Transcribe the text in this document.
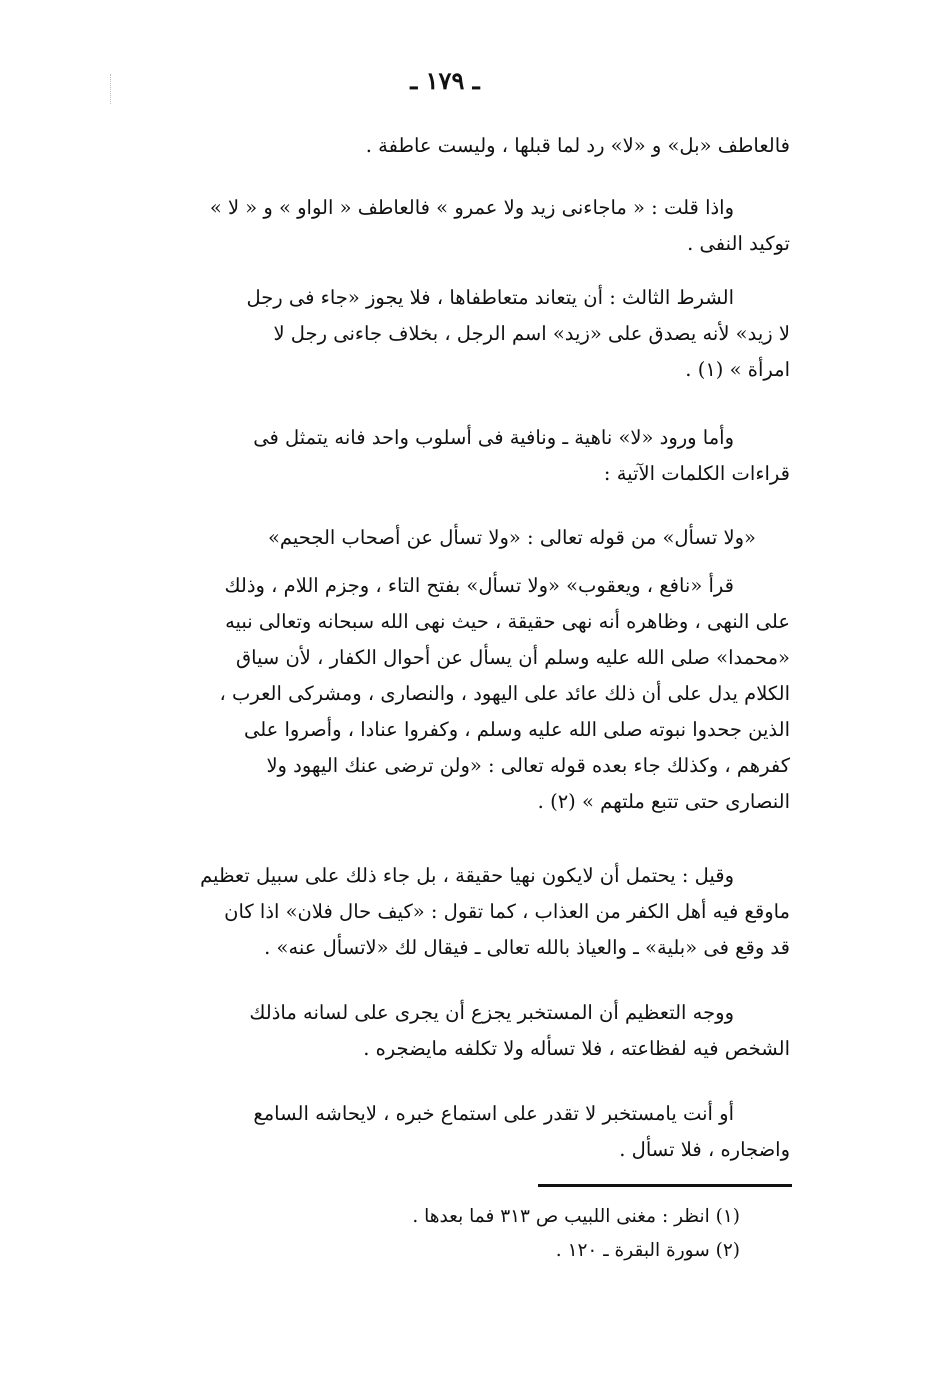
ـ ١٧٩ ـ
فالعاطف «بل» و «لا» رد لما قبلها ، وليست عاطفة .
واذا قلت : « ماجاءنى زيد ولا عمرو » فالعاطف « الواو » و « لا »
توكيد النفى .
الشرط الثالث : أن يتعاند متعاطفاها ، فلا يجوز «جاء فى رجل
لا زيد» لأنه يصدق على «زيد» اسم الرجل ، بخلاف جاءنى رجل لا
امرأة » (١) .
وأما ورود «لا» ناهية ـ ونافية فى أسلوب واحد فانه يتمثل فى
قراءات الكلمات الآتية :
«ولا تسأل» من قوله تعالى : «ولا تسأل عن أصحاب الجحيم»
قرأ «نافع ، ويعقوب» «ولا تسأل» بفتح التاء ، وجزم اللام ، وذلك
على النهى ، وظاهره أنه نهى حقيقة ، حيث نهى الله سبحانه وتعالى نبيه
«محمدا» صلى الله عليه وسلم أن يسأل عن أحوال الكفار ، لأن سياق
الكلام يدل على أن ذلك عائد على اليهود ، والنصارى ، ومشركى العرب ،
الذين جحدوا نبوته صلى الله عليه وسلم ، وكفروا عنادا ، وأصروا على
كفرهم ، وكذلك جاء بعده قوله تعالى : «ولن ترضى عنك اليهود ولا
النصارى حتى تتبع ملتهم » (٢) .
وقيل : يحتمل أن لايكون نهيا حقيقة ، بل جاء ذلك على سبيل تعظيم
ماوقع فيه أهل الكفر من العذاب ، كما تقول : «كيف حال فلان» اذا كان
قد وقع فى «بلية» ـ والعياذ بالله تعالى ـ فيقال لك «لاتسأل عنه» .
ووجه التعظيم أن المستخبر يجزع أن يجرى على لسانه ماذلك
الشخص فيه لفظاعته ، فلا تسأله ولا تكلفه مايضجره .
أو أنت يامستخبر لا تقدر على استماع خبره ، لايحاشه السامع
واضجاره ، فلا تسأل .
(١) انظر : مغنى اللبيب ص ٣١٣ فما بعدها .
(٢) سورة البقرة ـ ١٢٠ .
